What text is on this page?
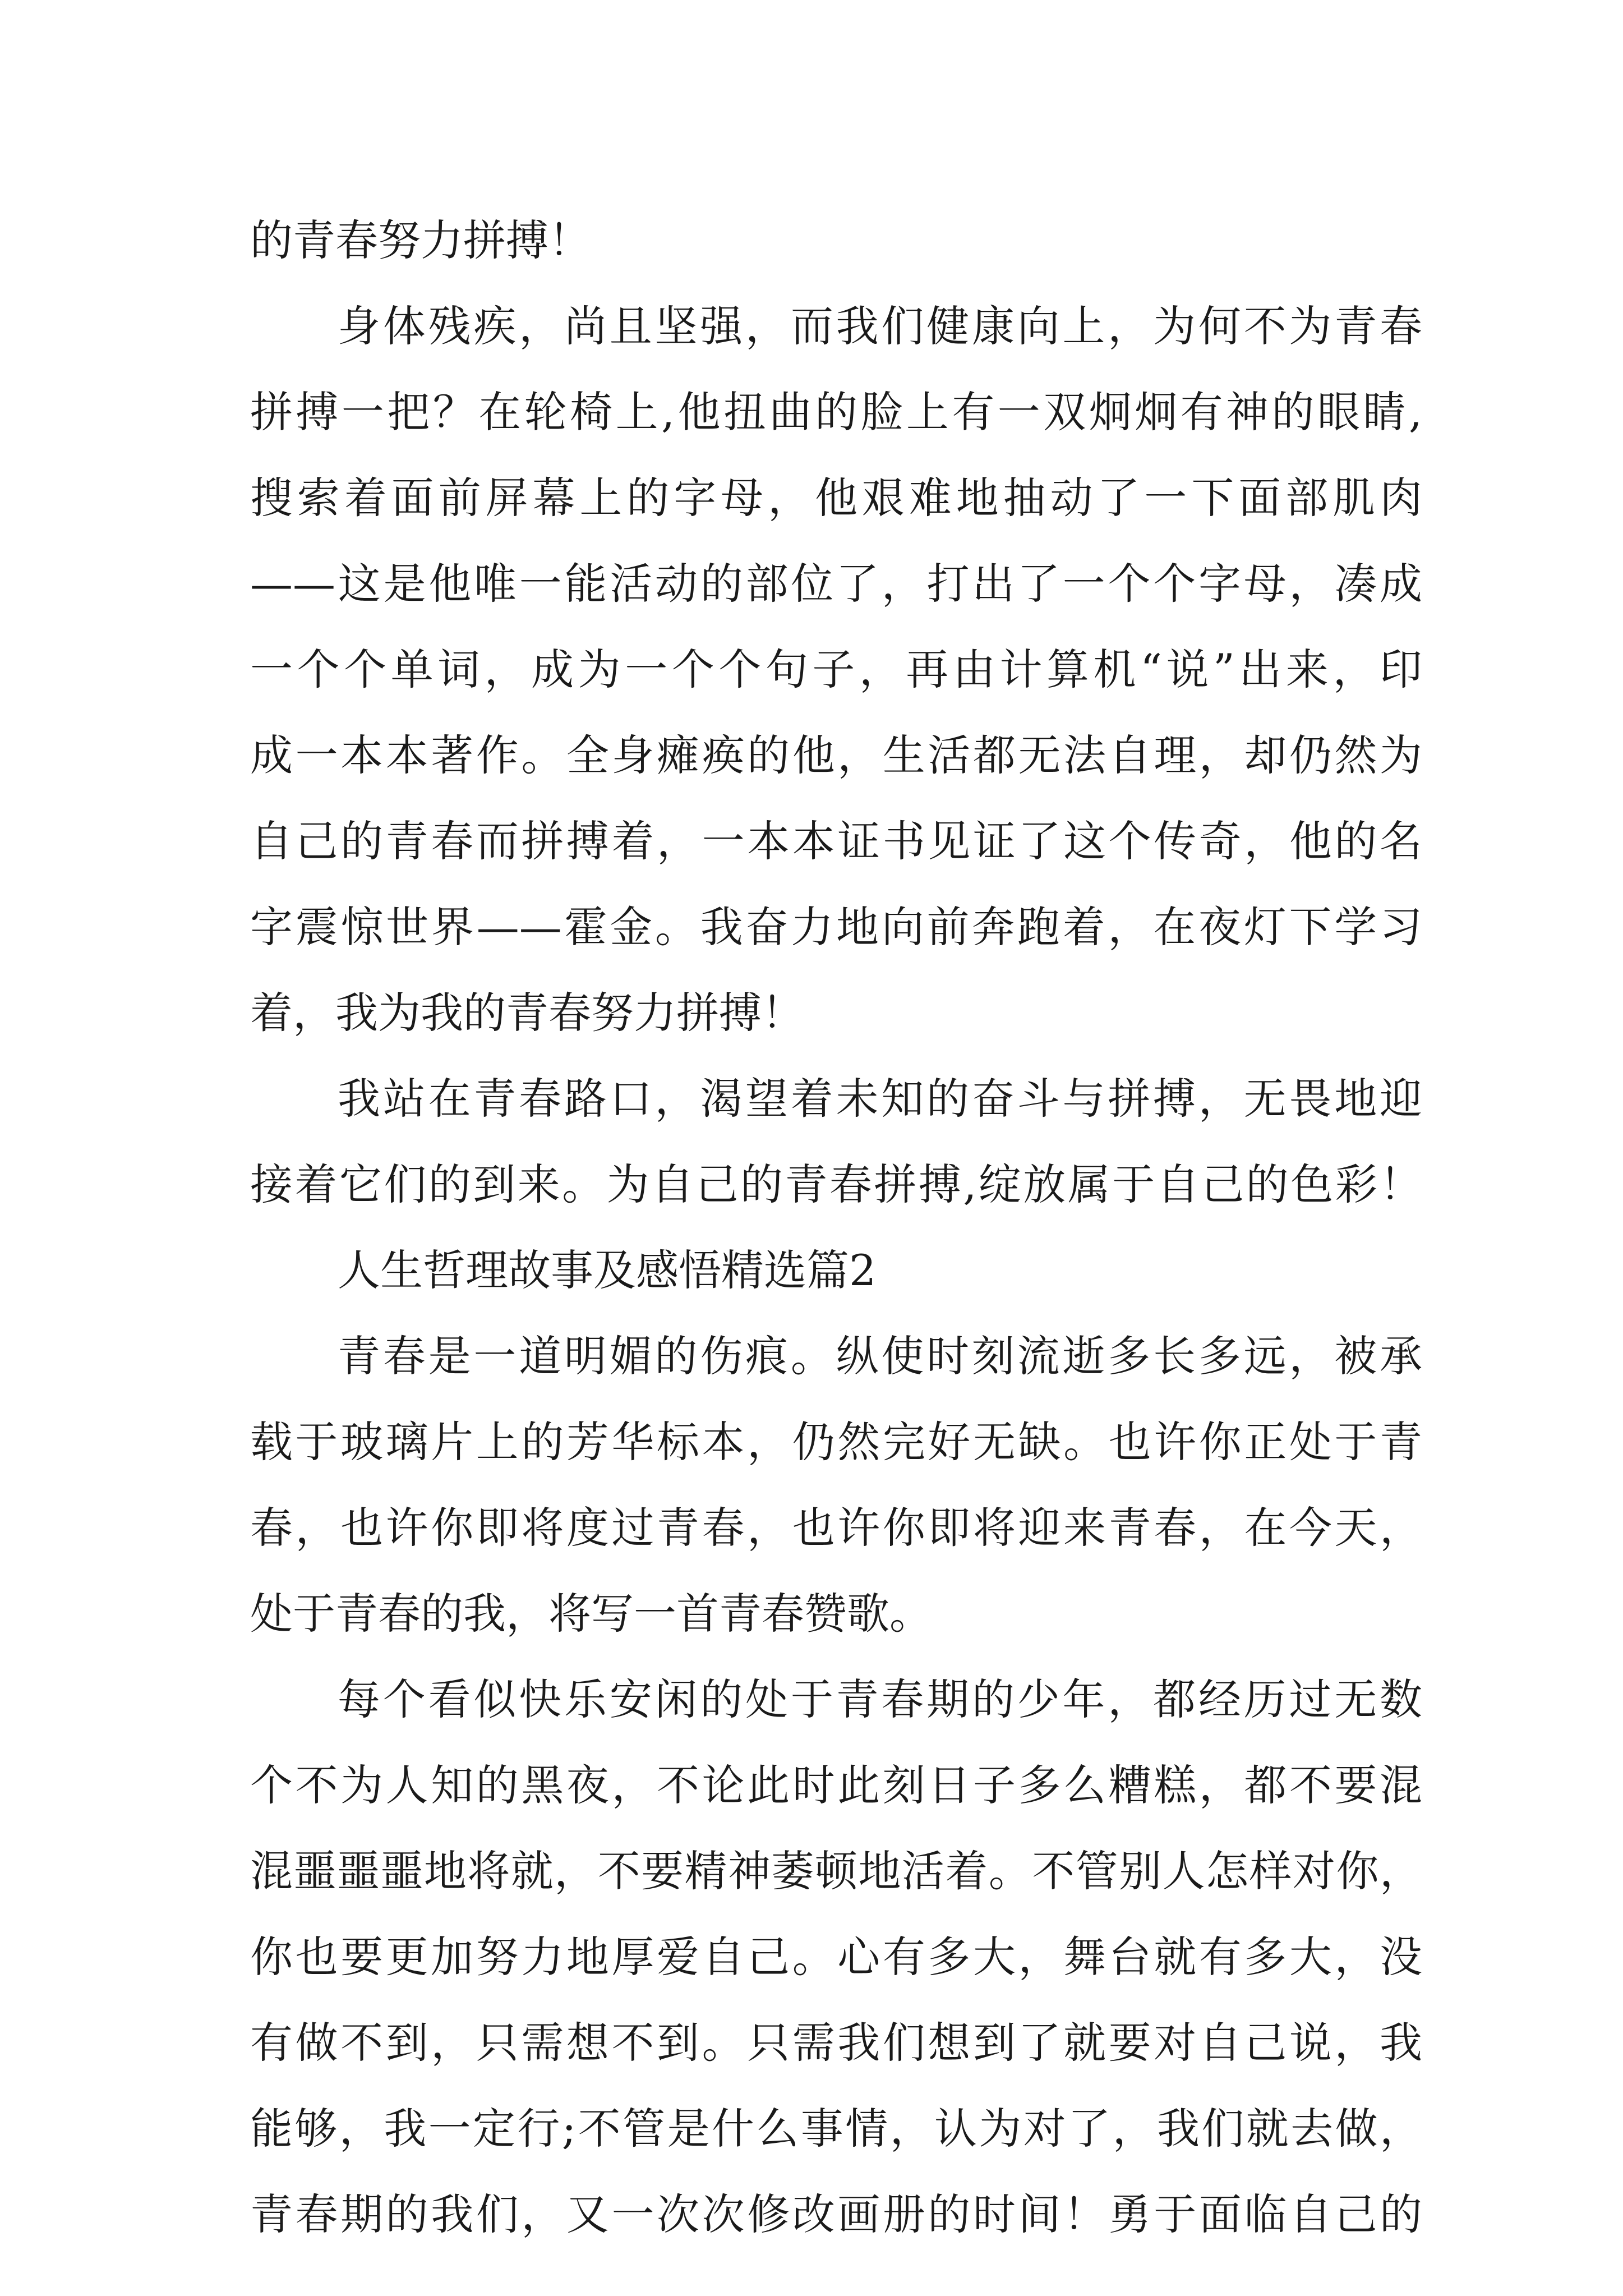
的青春努力拼搏！
身体残疾，尚且坚强，而我们健康向上，为何不为青春
拼搏一把？在轮椅上,他扭曲的脸上有一双炯炯有神的眼睛,
搜索着面前屏幕上的字母，他艰难地抽动了一下面部肌肉
——这是他唯一能活动的部位了，打出了一个个字母，凑成
一个个单词，成为一个个句子，再由计算机“说”出来，印
成一本本著作。全身瘫痪的他，生活都无法自理，却仍然为
自己的青春而拼搏着，一本本证书见证了这个传奇，他的名
字震惊世界——霍金。我奋力地向前奔跑着，在夜灯下学习
着，我为我的青春努力拼搏！
我站在青春路口，渴望着未知的奋斗与拼搏，无畏地迎
接着它们的到来。为自己的青春拼搏,绽放属于自己的色彩！
人生哲理故事及感悟精选篇2
青春是一道明媚的伤痕。纵使时刻流逝多长多远，被承
载于玻璃片上的芳华标本，仍然完好无缺。也许你正处于青
春，也许你即将度过青春，也许你即将迎来青春，在今天，
处于青春的我，将写一首青春赞歌。
每个看似快乐安闲的处于青春期的少年，都经历过无数
个不为人知的黑夜，不论此时此刻日子多么糟糕，都不要混
混噩噩噩地将就，不要精神萎顿地活着。不管别人怎样对你，
你也要更加努力地厚爱自己。心有多大，舞台就有多大，没
有做不到，只需想不到。只需我们想到了就要对自己说，我
能够，我一定行;不管是什么事情，认为对了，我们就去做，
青春期的我们，又一次次修改画册的时间！勇于面临自己的
